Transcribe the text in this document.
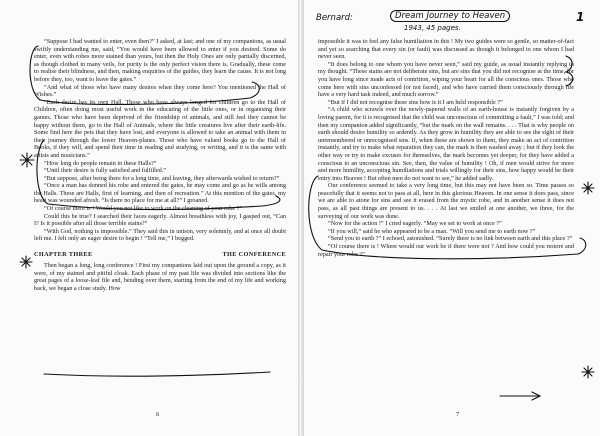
Bernard:	Dream Journey to Heaven
1943, 45 pages.
1

“Suppose I had wanted to enter, even then?” I asked, at last; and one of my companions, as usual swiftly understanding me, said, “You would have been allowed to enter if you desired. Some do enter, even with robes more stained than yours, but then the Holy Ones are only partially discerned, as though clothed in many veils, for purity is the only perfect vision there is. Gradually, these come to realise their blindness, and then, making enquiries of the guides, they learn the cause. It is not long before they, too, want to leave the gates.”

“And what of those who have many desires when they come here? You mentioned the Hall of Wishes.”

“Each desire has its own Hall. Those who have always longed for children go to the Hall of Children, often doing most useful work in the educating of the little ones, or in organising their games. Those who have been deprived of the friendship of animals, and still feel they cannot be happy without them, go to the Hall of Animals, where the little creatures live after their earth-life. Some find here the pets that they have lost, and everyone is allowed to take an animal with them in their journey through the lower Heaven-planes. Those who have valued books go to the Hall of Books, if they will, and spend their time in reading and studying, or writing, and it is the same with artists and musicians.”

“How long do people remain in these Halls?”

“Until their desire is fully satisfied and fulfilled.”

“But suppose, after being there for a long time, and leaving, they afterwards wished to return?”

“Once a man has donned his robe and entered the gates, he may come and go as he wills among the Halls. These are Halls, first of learning, and then of recreation.” At this mention of the gates, my heart was wounded afresh. “Is there no place for me at all?” I groaned.

“Of course there is ! Would you not like to work on the cleaning of your robe ?”

Could this be true? I searched their faces eagerly. Almost breathless with joy, I gasped out, “Can I? Is it possible after all those terrible stains?”

“With God, nothing is impossible.” They said this in unison, very solemnly, and at once all doubt left me. I felt only an eager desire to begin ! “Tell me,” I begged.

CHAPTER THREE	THE CONFERENCE

Then began a long, long conference ! First my companions laid out upon the ground a copy, as it were, of my stained and pitiful cloak. Each phase of my past life was divided into sections like the great pages of a loose-leaf file and, bending over them, starting from the end of my life and working back, we began a close study. How

6

impossible it was to feel any false humiliation in this ! My two guides were so gentle, so matter-of-fact and yet so searching that every sin (or fault) was discussed as though it belonged to one whom I had never seen.

“It does belong to one whom you have never seen,” said my guide, as usual instantly replying to my thought. “These stains are not deliberate sins, but are sins that you did not recognise at the time, for you have long since made acts of contrition, wiping your heart for all the conscious ones. Those who come here with sins unconfessed (or not faced), and who have carried them consciously through life have a very hard task indeed, and much sorrow.”

“But if I did not recognise these sins how is it I am held responsible ?”

“A child who scrawls over the newly-papered walls of an earth-house is instantly forgiven by a loving parent, for it is recognised that the child was unconscious of committing a fault,” I was told; and then my companion added significantly, “but the mark on the wall remains. . . . That is why people on earth should desire humility so ardently. As they grow in humility they are able to see the sight of their unremembered or unrecognised sins. If, when these are shown to them, they make an act of contrition instantly, and try to make what reparation they can, the mark is then washed away ; but if they look the other way or try to make excuses for themselves, the mark becomes yet deeper, for they have added a conscious to an unconscious sin. See, then, the value of humility ! Oh, if men would strive for more and more humility, accepting humiliations and trials willingly for their sins, how happy would be their entry into Heaven ! But often men do not want to see,” he added sadly.

Our conference seemed to take a very long time, but this may not have been so. Time passes so peacefully that it seems not to pass at all, here in this glorious Heaven. In one sense it does pass, since we are able to atone for sins and see it erased from the mystic robe, and in another sense it does not pass, as all past things are present to us. . . . At last we smiled at one another, we three, for the surveying of our work was done.

“Now for the action !” I cried eagerly. “May we set to work at once ?”

“If you will,” said he who appeared to be a man. “Will you send me to earth now ?”

“Send you to earth ?” I echoed, astonished. “Surely there is no link between earth and this place ?”

“Of course there is ! Where would our work be if there were not ? And how could you restore and repair your robe ?”

7
